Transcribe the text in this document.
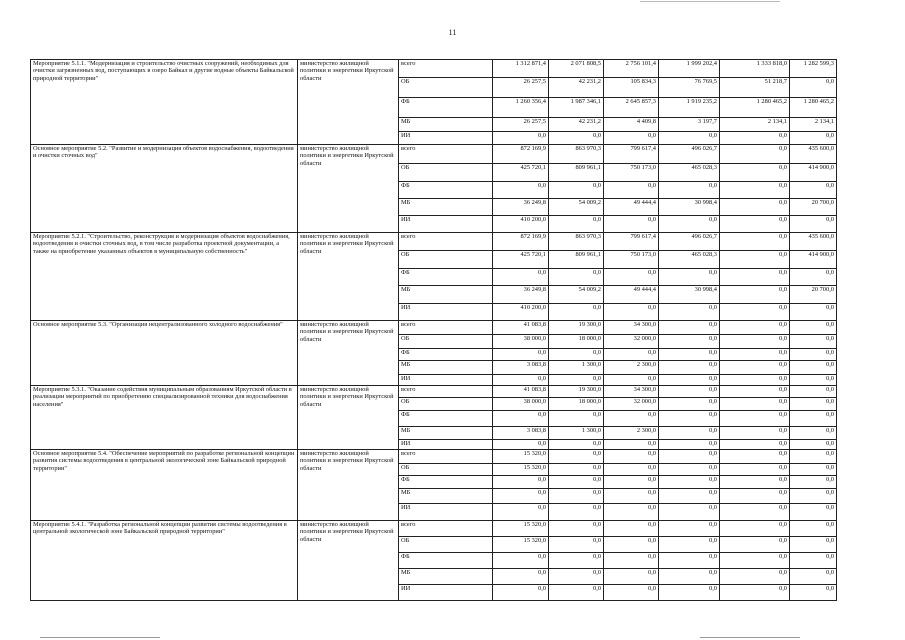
11
Мероприятие 5.1.1. "Модернизация и строительство очистных сооружений, необходимых для очистки загрязненных вод, поступающих в озеро Байкал и другие водные объекты Байкальской природной территории"	министерство жилищной политики и энергетики Иркутской области	всего	1 312 871,4	2 071 808,5	2 756 101,4	1 999 202,4	1 333 818,0	1 282 599,3
		ОБ	26 257,5	42 231,2	105 834,3	76 769,5	51 218,7	0,0
		ФБ	1 260 356,4	1 987 346,1	2 645 857,3	1 919 235,2	1 280 465,2	1 280 465,2
		МБ	26 257,5	42 231,2	4 409,8	3 197,7	2 134,1	2 134,1
		ИИ	0,0	0,0	0,0	0,0	0,0	0,0
Основное мероприятие 5.2. "Развитие и модернизация объектов водоснабжения, водоотведения и очистки сточных вод"	министерство жилищной политики и энергетики Иркутской области	всего	872 169,9	863 970,3	799 617,4	496 026,7	0,0	435 600,0
		ОБ	425 720,1	809 961,1	750 173,0	465 028,3	0,0	414 900,0
		ФБ	0,0	0,0	0,0	0,0	0,0	0,0
		МБ	36 249,8	54 009,2	49 444,4	30 998,4	0,0	20 700,0
		ИИ	410 200,0	0,0	0,0	0,0	0,0	0,0
Мероприятие 5.2.1. "Строительство, реконструкция и модернизация объектов водоснабжения, водоотведения и очистки сточных вод, в том числе разработка проектной документации, а также на приобретение указанных объектов в муниципальную собственность"	министерство жилищной политики и энергетики Иркутской области	всего	872 169,9	863 970,3	799 617,4	496 026,7	0,0	435 600,0
		ОБ	425 720,1	809 961,1	750 173,0	465 028,3	0,0	414 900,0
		ФБ	0,0	0,0	0,0	0,0	0,0	0,0
		МБ	36 249,8	54 009,2	49 444,4	30 998,4	0,0	20 700,0
		ИИ	410 200,0	0,0	0,0	0,0	0,0	0,0
Основное мероприятие 5.3. "Организация нецентрализованного холодного водоснабжения"	министерство жилищной политики и энергетики Иркутской области	всего	41 083,8	19 300,0	34 300,0	0,0	0,0	0,0
		ОБ	38 000,0	18 000,0	32 000,0	0,0	0,0	0,0
		ФБ	0,0	0,0	0,0	0,0	0,0	0,0
		МБ	3 083,8	1 300,0	2 300,0	0,0	0,0	0,0
		ИИ	0,0	0,0	0,0	0,0	0,0	0,0
Мероприятие 5.3.1. "Оказание содействия муниципальным образованиям Иркутской области в реализации мероприятий по приобретению специализированной техники для водоснабжения населения"	министерство жилищной политики и энергетики Иркутской области	всего	41 083,8	19 300,0	34 300,0	0,0	0,0	0,0
		ОБ	38 000,0	18 000,0	32 000,0	0,0	0,0	0,0
		ФБ	0,0	0,0	0,0	0,0	0,0	0,0
		МБ	3 083,8	1 300,0	2 300,0	0,0	0,0	0,0
		ИИ	0,0	0,0	0,0	0,0	0,0	0,0
Основное мероприятие 5.4. "Обеспечение мероприятий по разработке региональной концепции развития системы водоотведения в центральной экологической зоне Байкальской природной территории"	министерство жилищной политики и энергетики Иркутской области	всего	15 320,0	0,0	0,0	0,0	0,0	0,0
		ОБ	15 320,0	0,0	0,0	0,0	0,0	0,0
		ФБ	0,0	0,0	0,0	0,0	0,0	0,0
		МБ	0,0	0,0	0,0	0,0	0,0	0,0
		ИИ	0,0	0,0	0,0	0,0	0,0	0,0
Мероприятие 5.4.1. "Разработка региональной концепции развития системы водоотведения в центральной экологической зоне Байкальской природной территории"	министерство жилищной политики и энергетики Иркутской области	всего	15 320,0	0,0	0,0	0,0	0,0	0,0
		ОБ	15 320,0	0,0	0,0	0,0	0,0	0,0
		ФБ	0,0	0,0	0,0	0,0	0,0	0,0
		МБ	0,0	0,0	0,0	0,0	0,0	0,0
		ИИ	0,0	0,0	0,0	0,0	0,0	0,0
